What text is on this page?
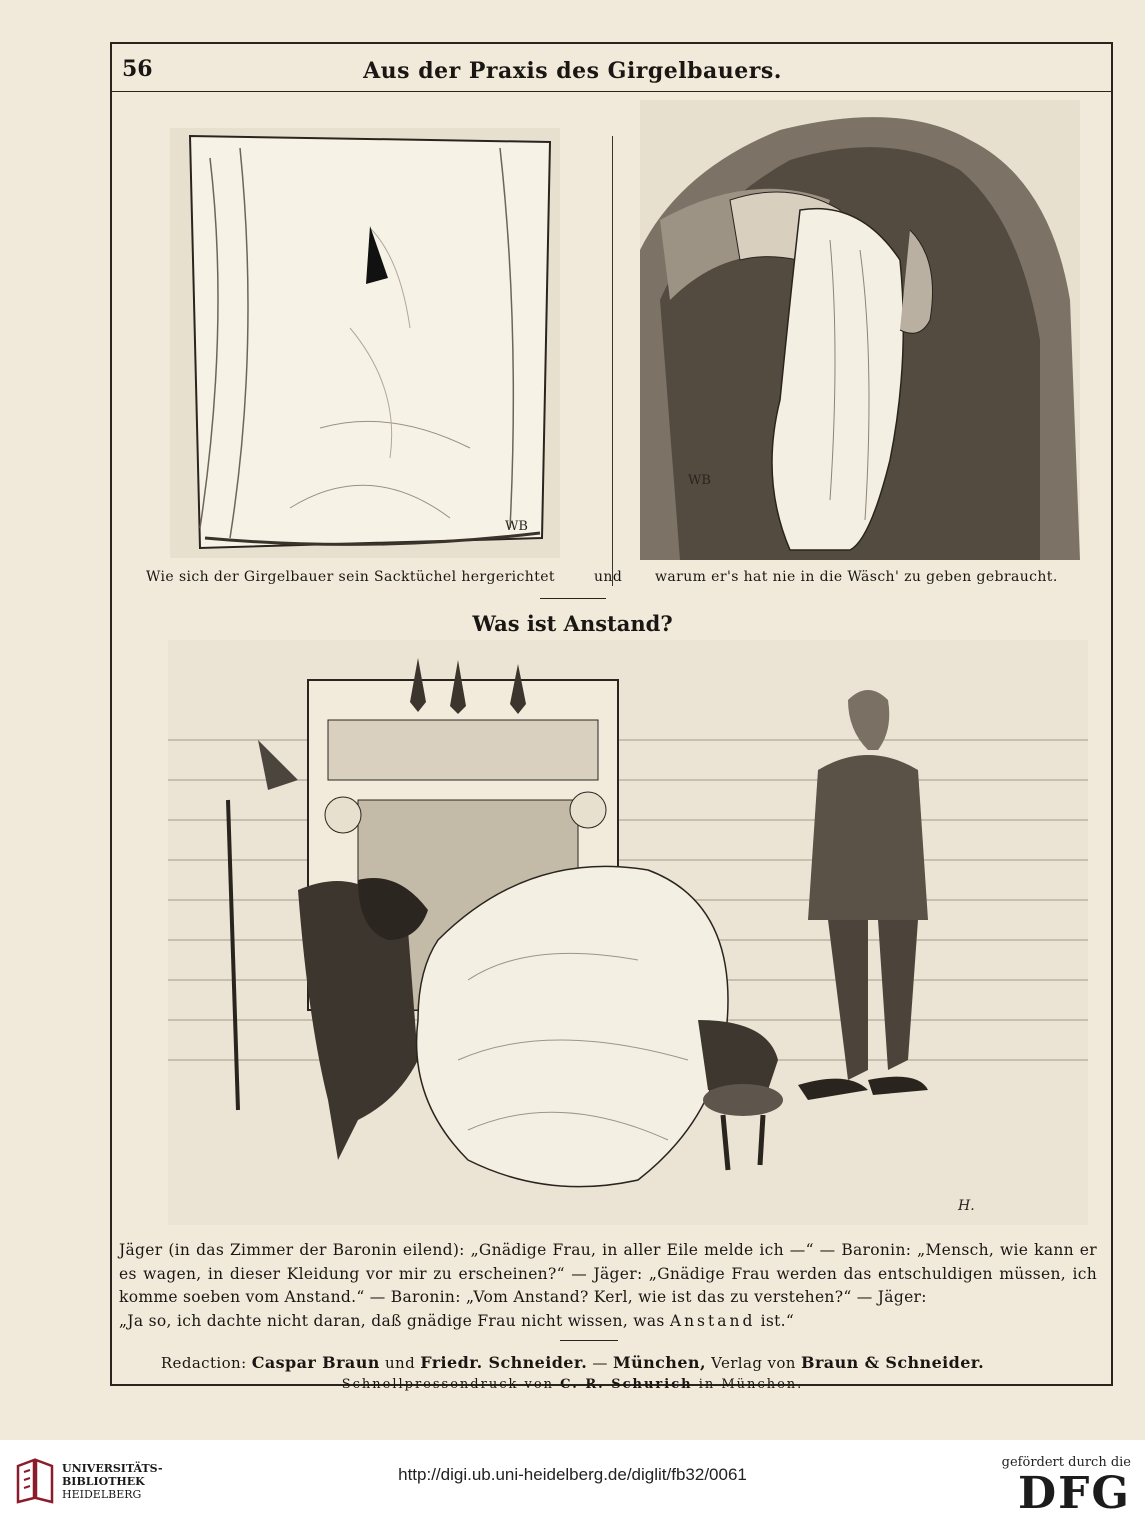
56	Aus der Praxis des Girgelbauers.
WB
WB
Wie sich der Girgelbauer sein Sacktüchel hergerichtet	und warum er's hat nie in die Wäsch' zu geben gebraucht.
Was ist Anstand?
H.

Jäger (in das Zimmer der Baronin eilend): „Gnädige Frau, in aller Eile melde ich —“ — Baronin: „Mensch, wie kann er es wagen, in dieser Kleidung vor mir zu erscheinen?“ — Jäger: „Gnädige Frau werden das entschuldigen müssen, ich komme soeben vom Anstand.“ — Baronin: „Vom Anstand? Kerl, wie ist das zu verstehen?“ — Jäger:

„Ja so, ich dachte nicht daran, daß gnädige Frau nicht wissen, was Anstand ist.“

Redaction: Caspar Braun und Friedr. Schneider. — München, Verlag von Braun & Schneider.
Schnellpressendruck von C. R. Schurich in München.
UNIVERSITÄTS-
BIBLIOTHEK
HEIDELBERG
http://digi.ub.uni-heidelberg.de/diglit/fb32/0061
gefördert durch die
DFG
